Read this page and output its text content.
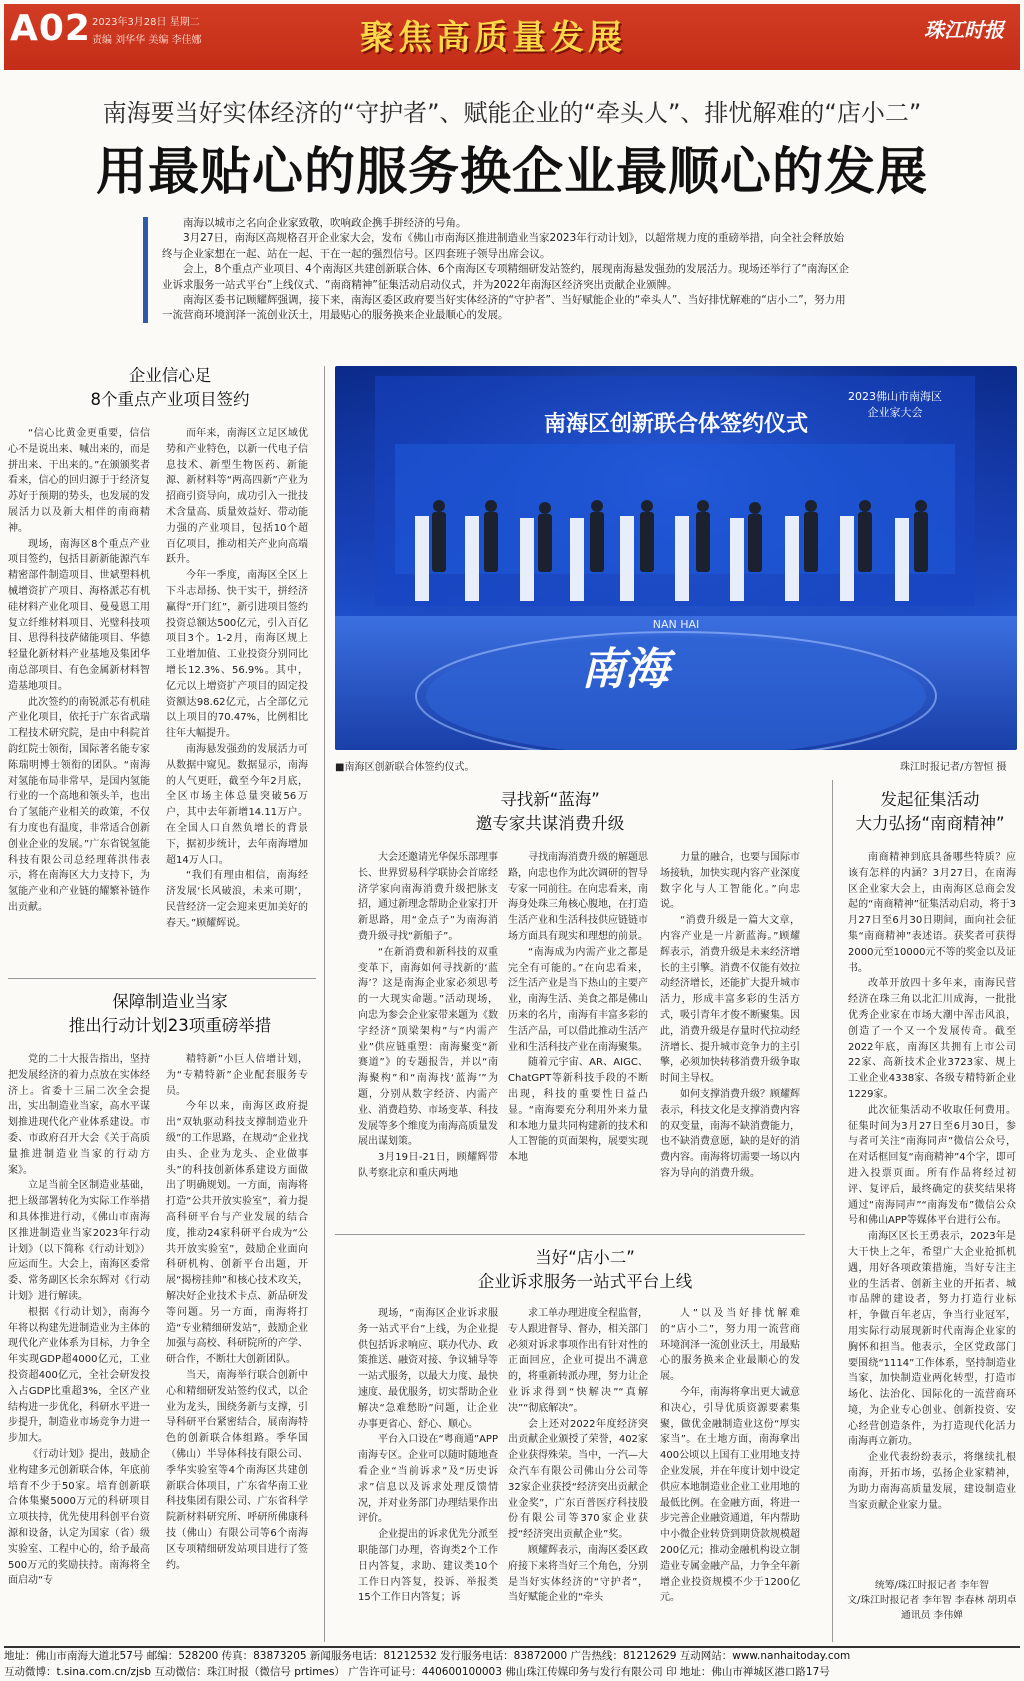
A02 2023年3月28日 星期二
责编 刘华华 美编 李佳娜	聚焦高质量发展	珠江时报
南海要当好实体经济的“守护者”、赋能企业的“牵头人”、排忧解难的“店小二”
用最贴心的服务换企业最顺心的发展

南海以城市之名向企业家致敬，吹响政企携手拼经济的号角。

3月27日，南海区高规格召开企业家大会，发布《佛山市南海区推进制造业当家2023年行动计划》，以超常规力度的重磅举措，向全社会释放始终与企业家想在一起、站在一起、干在一起的强烈信号。区四套班子领导出席会议。

会上，8个重点产业项目、4个南海区共建创新联合体、6个南海区专项精细研发站签约，展现南海悬发强劲的发展活力。现场还举行了“南海区企业诉求服务一站式平台”上线仪式、“南商精神”征集活动启动仪式，并为2022年南海区经济突出贡献企业颁牌。

南海区委书记顾耀辉强调，接下来，南海区委区政府要当好实体经济的“守护者”、当好赋能企业的“牵头人”、当好排忧解难的“店小二”，努力用一流营商环境润泽一流创业沃土，用最贴心的服务换来企业最顺心的发展。

企业信心足
8个重点产业项目签约

“信心比黄金更重要，信信心不是说出来、喊出来的，而是拼出来、干出来的。”在颁颁奖者看来，信心的回归源于于经济复苏好于预期的势头，也发展的发展活力以及新大相伴的南商精神。

现场，南海区8个重点产业项目签约，包括目新新能源汽车精密部件制造项目、世斌塑料机械增资扩产项目、海格派芯有机硅材料产业化项目、曼曼恩工用复立纤维材料项目、光璧科技项目、思得科技萨储能项目、华德轻量化新材料产业基地及集团华南总部项目、有色金属新材料智造基地项目。

此次签约的南锐派芯有机硅产业化项目，依托于广东省武瑞工程技术研究院，是由中科院首韵红院士领衔，国际著名能专家陈瑞明博士领衔的团队。“南海对氢能布局非常早，是国内氢能行业的一个高地和领头羊，也出台了氢能产业相关的政策，不仅有力度也有温度，非常适合创新创业企业的发展。”广东省锐氢能科技有限公司总经理蒋洪伟表示，将在南海区大力支持下，为氢能产业和产业链的耀繁补链作出贡献。

而年来，南海区立足区域优势和产业特色，以新一代电子信息技术、新型生物医药、新能源、新材料等“两高四新”产业为招商引资导向，成功引入一批技术含量高、质量效益好、带动能力强的产业项目，包括10个超百亿项目，推动相关产业向高端跃升。

今年一季度，南海区全区上下斗志昂扬、快干实干，拼经济赢得“开门红”，新引进项目签约投资总额达500亿元，引入百亿项目3个。1-2月，南海区规上工业增加值、工业投资分别同比增长12.3%、56.9%。其中，亿元以上增资扩产项目的固定投资额达98.62亿元，占全部亿元以上项目的70.47%，比例相比往年大幅提升。

南海悬发强劲的发展活力可从数据中窥见。数据显示，南海的人气更旺，截至今年2月底，全区市场主体总量突破56万户，其中去年新增14.11万户。在全国人口自然负增长的背景下，据初步统计，去年南海增加超14万人口。

“我们有理由相信，南海经济发展‘长风破浪，未来可期’，民营经济一定会迎来更加美好的春天。”顾耀辉说。

保障制造业当家
推出行动计划23项重磅举措

党的二十大报告指出，坚持把发展经济的着力点放在实体经济上。省委十三届二次全会提出，实出制造业当家，高水平谋划推进现代化产业体系建设。市委、市政府召开大会《关于高质量推进制造业当家的行动方案》。

立足当前全区制造业基础，把上级部署转化为实际工作举措和具体推进行动，《佛山市南海区推进制造业当家2023年行动计划》（以下简称《行动计划》）应运而生。大会上，南海区委常委、常务副区长余东辉对《行动计划》进行解读。

根据《行动计划》，南海今年将以构建先进制造业为主体的现代化产业体系为目标，力争全年实现GDP超4000亿元，工业投资超400亿元，全社会研发投入占GDP比重超3%，全区产业结构进一步优化，科研水平进一步提升，制造业市场竞争力进一步加大。

《行动计划》提出，鼓励企业构建多元创新联合体，年底前培育不少于50家。培育创新联合体集聚5000万元的科研项目立项扶持，优先使用科创平台资源和设备，认定为国家（省）级实验室、工程中心的，给予最高500万元的奖励扶持。南海将全面启动“专

精特新”小巨人倍增计划，为“专精特新”企业配套服务专员。

今年以来，南海区政府提出“双轨驱动科技支撑制造业升级”的工作思路，在规动“企业找由头、企业为龙头、企业做事头”的科技创新体系建设方面做出了明确规划。一方面，南海将打造“公共开放实验室”，着力提高科研平台与产业发展的结合度，推动24家科研平台成为“公共开放实验室”，鼓励企业面向科研机构、创新平台出题，开展“揭榜挂帅”和核心技术攻关，解决好企业技术卡点、新品研发等问题。另一方面，南海将打造“专业精细研发站”，鼓励企业加强与高校、科研院所的产学、研合作，不断壮大创新团队。

当天，南海举行联合创新中心和精细研发站签约仪式，以企业为龙头，围绕务新与支撑，引导科研平台紧密结合，展南海特色的创新联合体组路。季华国（佛山）半导体科技有限公司、季华实验室等4个南海区共建创新联合体项目，广东省华南工业科技集团有限公司、广东省科学院新材料研究所、呼研所佛康科技（佛山）有限公司等6个南海区专项精细研发站项目进行了签约。

南海区创新联合体签约仪式
2023佛山市南海区
企业家大会
NAN HAI
南海
■南海区创新联合体签约仪式。	珠江时报记者/方智恒 摄
寻找新“蓝海”
邀专家共谋消费升级

大会还邀请光华保乐部理事长、世界贸易科学联协会首席经济学家向南海消费升级把脉支招，通过新理念帮助企业家打开新思路，用“金点子”为南海消费升级寻找“新船子”。

“在新消费和新科技的双重变革下，南海如何寻找新的‘蓝海’？这是南海企业家必须思考的一大现实命题。”活动现场，向忠为参会企业家带来题为《数字经济“顶梁架构”与“内需产业”供应链重塑：南海聚变“新赛道”》的专题报告，并以“南海聚构”和“南海找‘蓝海’”为题，分别从数字经济、内需产业、消费趋势、市场变革、科技发展等多个维度为南海高质量发展出谋划策。

3月19日-21日，顾耀辉带队考察北京和重庆两地

寻找南海消费升级的解题思路，向忠也作为此次调研的智导专家一同前往。在向忠看来，南海身处珠三角核心腹地，在打造生活产业和生活科技供应链链市场方面具有现实和理想的前景。

“南海成为内需产业之都是完全有可能的。”在向忠看来，泛生活产业是当下热山的主要产业，南海生活、美食之都是佛山历来的名片，南海有丰富多彩的生活产品，可以借此推动生活产业和生活科技产业在南海聚集。

随着元宇宙、AR、AIGC、ChatGPT等新科技手段的不断出现，科技的重要性日益凸显。“南海要充分利用外来力量和本地力量共同构建新的技术和人工智能的页面架构，展要实现本地

力量的融合，也要与国际市场接轨，加快实现内容产业深度数字化与人工智能化。”向忠说。

“消费升级是一篇大文章，内容产业是一片新蓝海。”顾耀辉表示，消费升级是未来经济增长的主引擎。消费不仅能有效拉动经济增长，还能扩大提升城市活力，形成丰富多彩的生活方式，吸引青年才俊不断聚集。因此，消费升级是存量时代拉动经济增长、提升城市竞争力的主引擎，必须加快转移消费升级争取时间主导权。

如何支撑消费升级？顾耀辉表示，科技文化是支撑消费内容的双变量，南海不缺消费能力，也不缺消费意愿，缺的是好的消费内容。南海将切需要一场以内容为导向的消费升级。

当好“店小二”
企业诉求服务一站式平台上线

现场，“南海区企业诉求服务一站式平台”上线，为企业提供包括诉求响应、联办代办、政策推送、融资对接、争议辅导等一站式服务，以最大力度、最快速度、最优服务，切实帮助企业解决“急难愁盼”问题，让企业办事更省心、舒心、顺心。

平台入口设在“粤商通”APP南海专区。企业可以随时随地查看企业“当前诉求”及“历史诉求”信息以及诉求处理反馈情况，并对业务部门办理结果作出评价。

企业提出的诉求优先分派至职能部门办理，咨询类2个工作日内答复，求助、建议类10个工作日内答复，投诉、举报类15个工作日内答复；诉

求工单办理进度全程监督，专人跟进督导、督办，相关部门必须对诉求事项作出有针对性的正面回应，企业可提出不满意的，将重新转派办理，努力让企业诉求得到“快解决”“真解决”“彻底解决”。

会上还对2022年度经济突出贡献企业颁授了荣誉，402家企业获得殊荣。当中，一汽—大众汽车有限公司佛山分公司等32家企业获授“经济突出贡献企业金奖”，广东百普医疗科技股份有限公司等370家企业获授“经济突出贡献企业”奖。

顾耀辉表示，南海区委区政府接下来将当好三个角色，分别是当好实体经济的“守护者”，当好赋能企业的“牵头

人”以及当好排忧解难的“店小二”，努力用一流营商环境润泽一流创业沃土，用最贴心的服务换来企业最顺心的发展。

今年，南海将拿出更大诚意和决心，引导优质资源要素集聚，做优金融制造业这份“厚实家当”。在土地方面，南海拿出400公顷以上国有工业用地支持企业发展，并在年度计划中设定供应本地制造业企业工业用地的最低比例。在金融方面，将进一步完善企业融资通道，年内帮助中小微企业转贷到期贷款规模超200亿元；推动金融机构设立制造业专属金融产品，力争全年新增企业投资规模不少于1200亿元。

发起征集活动
大力弘扬“南商精神”

南商精神到底具备哪些特质？应该有怎样的内涵？3月27日，在南海区企业家大会上，由南海区总商会发起的“南商精神”征集活动启动，将于3月27日至6月30日期间，面向社会征集“南商精神”表述语。获奖者可获得2000元至10000元不等的奖金以及证书。

改革开放四十多年来，南海民营经济在珠三角以北汇川成海，一批批优秀企业家在市场大潮中浑击风浪，创造了一个又一个发展传奇。截至2022年底，南海区共拥有上市公司22家、高新技术企业3723家、规上工业企业4338家、各级专精特新企业1229家。

此次征集活动不收取任何费用。征集时间为3月27日至6月30日，参与者可关注“南海同声”微信公众号，在对话框回复“南商精神”4个字，即可进入投票页面。所有作品将经过初评、复评后，最终确定的获奖结果将通过“南海同声”“南海发布”微信公众号和佛山APP等媒体平台进行公布。

南海区区长王勇表示，2023年是大干快上之年，希望广大企业抢抓机遇，用好各项政策措施，当好专注主业的生活者、创新主业的开拓者、城市品牌的建设者，努力打造行业标杆，争做百年老店，争当行业冠军，用实际行动展现新时代南海企业家的胸怀和担当。他表示，全区党政部门要围绕“1114”工作体系，坚持制造业当家，加快制造业两化转型，打造市场化、法治化、国际化的一流营商环境，为企业专心创业、创新投资、安心经营创造条件，为打造现代化活力南海再立新功。

企业代表纷纷表示，将继续扎根南海，开拓市场，弘扬企业家精神，为助力南海高质量发展，建设制造业当家贡献企业家力量。

统筹/珠江时报记者 李年智
文/珠江时报记者 李年智 李春林 胡玥卓
通讯员 李伟婵
地址：佛山市南海大道北57号 邮编：528200 传真：83873205 新闻服务电话：81212532 发行服务电话：83872000 广告热线：81212629 互动网站：www.nanhaitoday.com
互动微博：t.sina.com.cn/zjsb 互动微信：珠江时报（微信号 prtimes） 广告许可证号：440600100003 佛山珠江传媒印务与发行有限公司 印 地址：佛山市禅城区港口路17号
